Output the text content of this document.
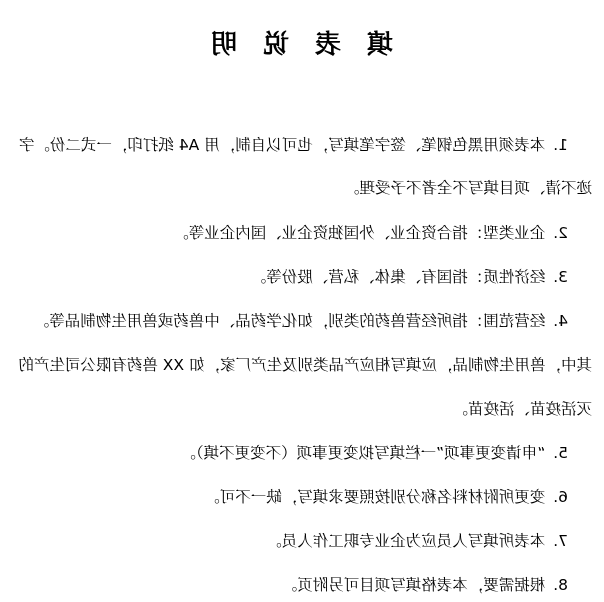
填表说明
1.本表须用黑色钢笔、签字笔填写，也可以自制，用 A4 纸打印，一式二份。字
迹不清、项目填写不全者不予受理。
2.企业类型：指合资企业、外国独资企业、国内企业等。
3.经济性质：指国有、集体、私营、股份等。
4.经营范围：指所经营兽药的类别，如化学药品、中兽药或兽用生物制品等。
其中，兽用生物制品，应填写相应产品类别及生产厂家，如 XX 兽药有限公司生产的
灭活疫苗、活疫苗。
5.“申请变更事项”一栏填写拟变更事项（不变更不填）。
6.变更所附材料名称分别按照要求填写，缺一不可。
7.本表所填写人员应为企业专职工作人员。
8.根据需要，本表格填写项目可另附页。
